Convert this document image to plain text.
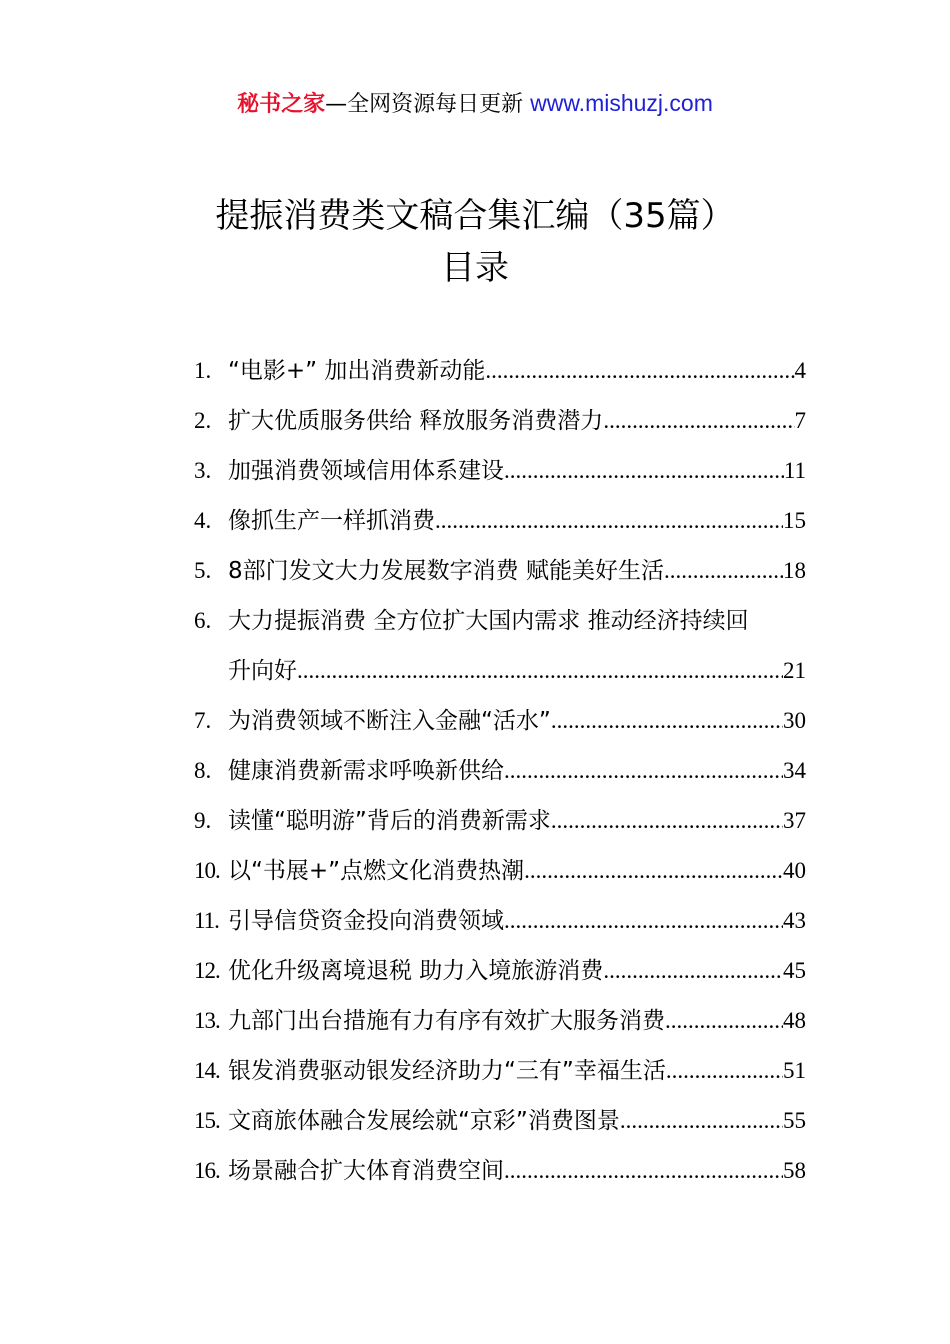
秘书之家—全网资源每日更新 www.mishuzj.com
提振消费类文稿合集汇编（35篇）
目录
1. “电影+” 加出消费新动能 .....	4
2. 扩大优质服务供给 释放服务消费潜力 .....	7
3. 加强消费领域信用体系建设 .....	11
4. 像抓生产一样抓消费 .....	15
5. 8部门发文大力发展数字消费 赋能美好生活 .....	18
6. 大力提振消费 全方位扩大国内需求 推动经济持续回
升向好 .....	21
7. 为消费领域不断注入金融“活水” .....	30
8. 健康消费新需求呼唤新供给 .....	34
9. 读懂“聪明游”背后的消费新需求 .....	37
10. 以“书展+”点燃文化消费热潮 .....	40
11. 引导信贷资金投向消费领域 .....	43
12. 优化升级离境退税 助力入境旅游消费 .....	45
13. 九部门出台措施有力有序有效扩大服务消费 .....	48
14. 银发消费驱动银发经济助力“三有”幸福生活 .....	51
15. 文商旅体融合发展绘就“京彩”消费图景 .....	55
16. 场景融合扩大体育消费空间 .....	58
